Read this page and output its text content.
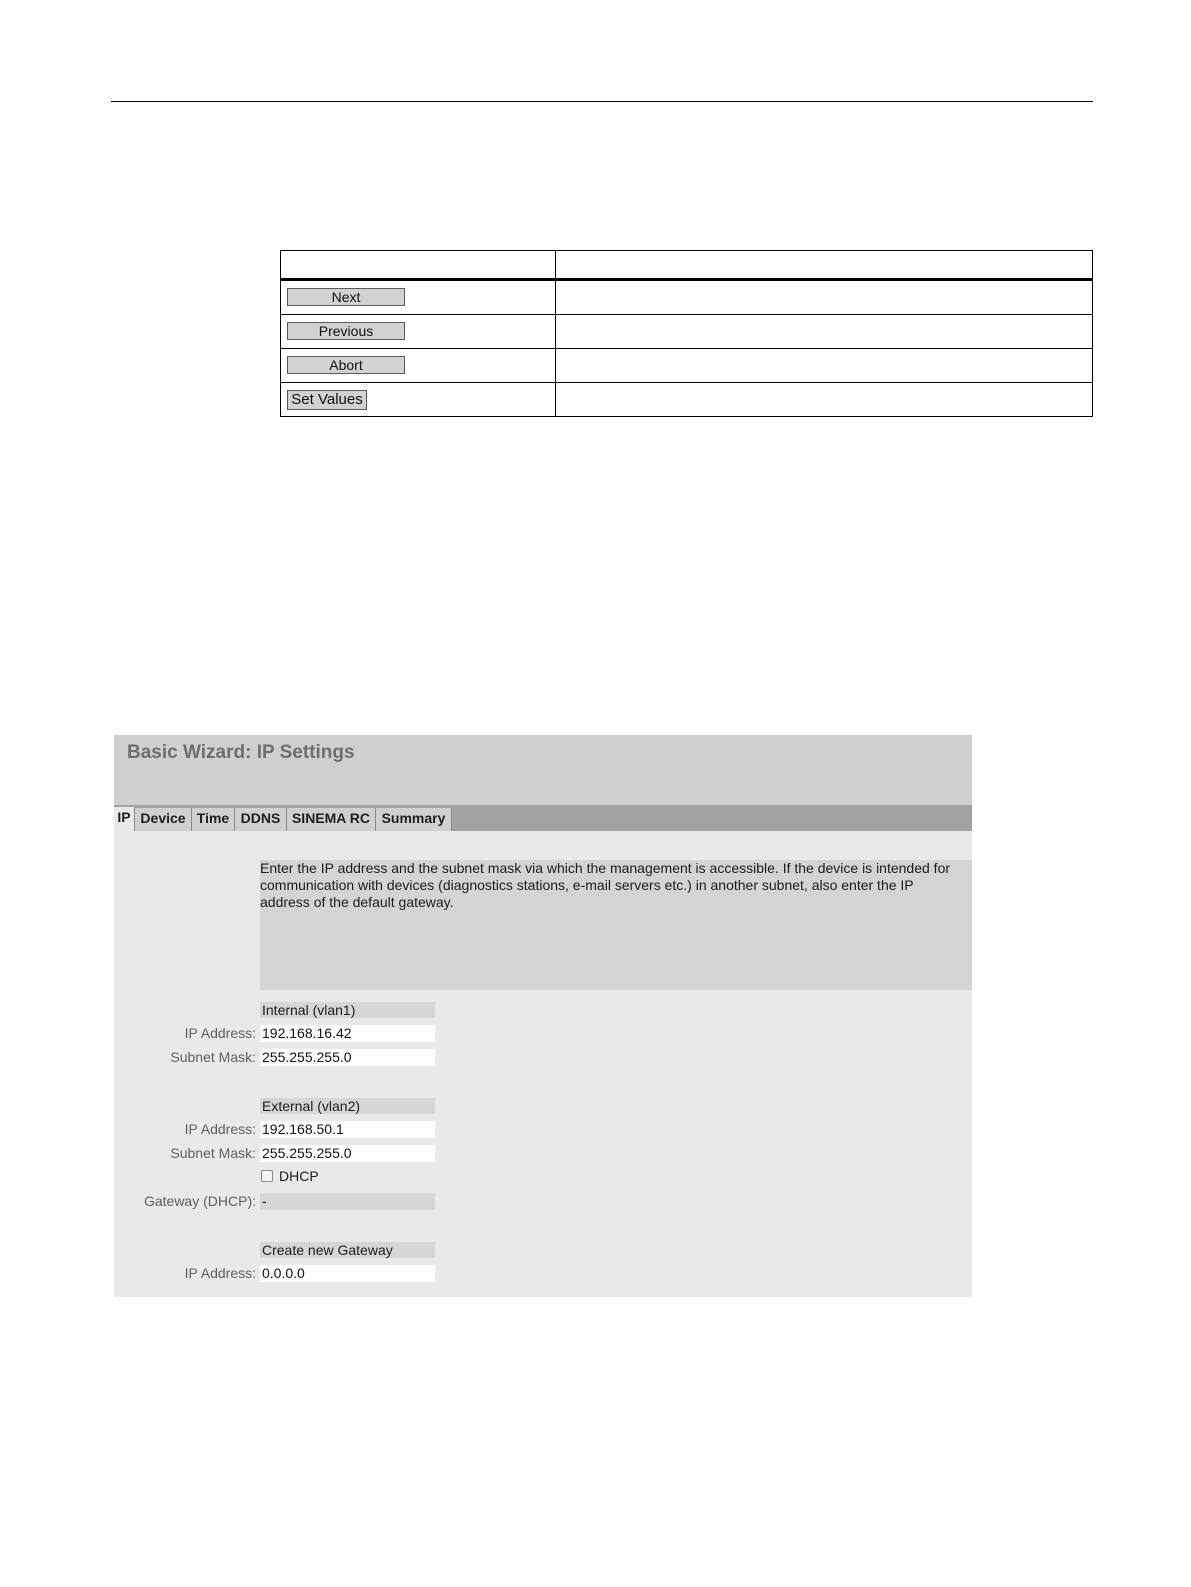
Next	
Previous	
Abort	
Set Values	
Basic Wizard: IP Settings
IP Device Time DDNS SINEMA RC Summary
Enter the IP address and the subnet mask via which the management is accessible. If the device is intended for
communication with devices (diagnostics stations, e-mail servers etc.) in another subnet, also enter the IP
address of the default gateway.
Internal (vlan1)
IP Address:
192.168.16.42
Subnet Mask:
255.255.255.0
External (vlan2)
IP Address:
192.168.50.1
Subnet Mask:
255.255.255.0
DHCP
Gateway (DHCP): -
Create new Gateway
IP Address:
0.0.0.0
